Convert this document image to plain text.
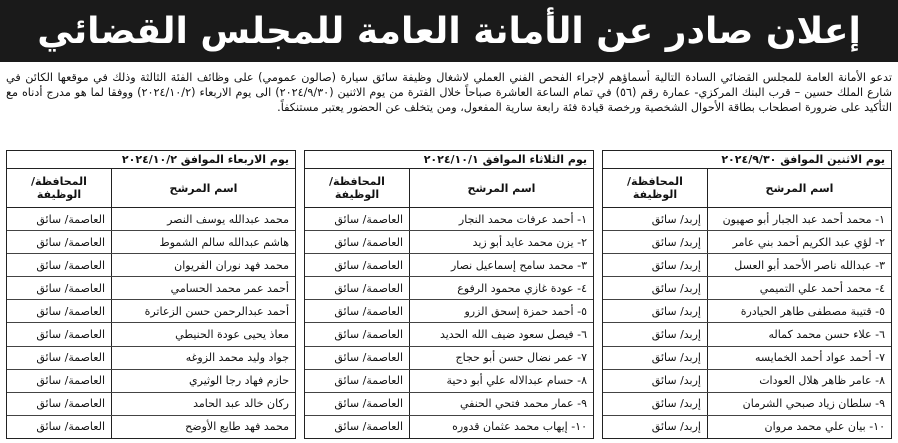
إعلان صادر عن الأمانة العامة للمجلس القضائي

تدعو الأمانة العامة للمجلس القضائي السادة التالية أسماؤهم لإجراء الفحص الفني العملي لاشغال وظيفة سائق سيارة (صالون عمومي) على وظائف الفئة الثالثة وذلك في موقعها الكائن في شارع الملك حسين – قرب البنك المركزي- عمارة رقم (٥٦) في تمام الساعة العاشرة صباحاً خلال الفترة من يوم الاثنين (٢٠٢٤/٩/٣٠) الى يوم الاربعاء (٢٠٢٤/١٠/٢) ووفقا لما هو مدرج أدناه مع التأكيد على ضرورة اصطحاب بطاقة الأحوال الشخصية ورخصة قيادة فئة رابعة سارية المفعول، ومن يتخلف عن الحضور يعتبر مستنكفاً.

يوم الاثنين الموافق ٢٠٢٤/٩/٣٠
اسم المرشح
المحافظة/ الوظيفة
١- محمد أحمد عبد الجبار أبو صهيون
إربد/ سائق
٢- لؤي عبد الكريم أحمد بني عامر
إربد/ سائق
٣- عبدالله ناصر الأحمد أبو العسل
إربد/ سائق
٤- محمد أحمد علي التميمي
إربد/ سائق
٥- قتيبة مصطفى طاهر الحيادرة
إربد/ سائق
٦- علاء حسن محمد كماله
إربد/ سائق
٧- أحمد عواد أحمد الخمايسه
إربد/ سائق
٨- عامر ظاهر هلال العودات
إربد/ سائق
٩- سلطان زياد صبحي الشرمان
إربد/ سائق
١٠- بيان علي محمد مروان
إربد/ سائق
يوم الثلاثاء الموافق ٢٠٢٤/١٠/١
اسم المرشح
المحافظة/ الوظيفة
١- أحمد عرفات محمد النجار
العاصمة/ سائق
٢- يزن محمد عايد أبو زيد
العاصمة/ سائق
٣- محمد سامح إسماعيل نصار
العاصمة/ سائق
٤- عودة غازي محمود الرفوع
العاصمة/ سائق
٥- أحمد حمزة إسحق الزرو
العاصمة/ سائق
٦- فيصل سعود ضيف الله الحديد
العاصمة/ سائق
٧- عمر نضال حسن أبو حجاج
العاصمة/ سائق
٨- حسام عبدالاله علي أبو دحية
العاصمة/ سائق
٩- عمار محمد فتحي الحنفي
العاصمة/ سائق
١٠- إيهاب محمد عثمان قدوره
العاصمة/ سائق
يوم الاربعاء الموافق ٢٠٢٤/١٠/٢
اسم المرشح
المحافظة/ الوظيفة
محمد عبدالله يوسف النصر
العاصمة/ سائق
هاشم عبدالله سالم الشموط
العاصمة/ سائق
محمد فهد نوران الفريوان
العاصمة/ سائق
أحمد عمر محمد الحسامي
العاصمة/ سائق
أحمد عبدالرحمن حسن الزعاترة
العاصمة/ سائق
معاذ يحيى عودة الحنيطي
العاصمة/ سائق
جواد وليد محمد الزوغه
العاصمة/ سائق
حازم فهاد رجا الوثيري
العاصمة/ سائق
ركان خالد عبد الحامد
العاصمة/ سائق
محمد فهد طايع الأوضح
العاصمة/ سائق
